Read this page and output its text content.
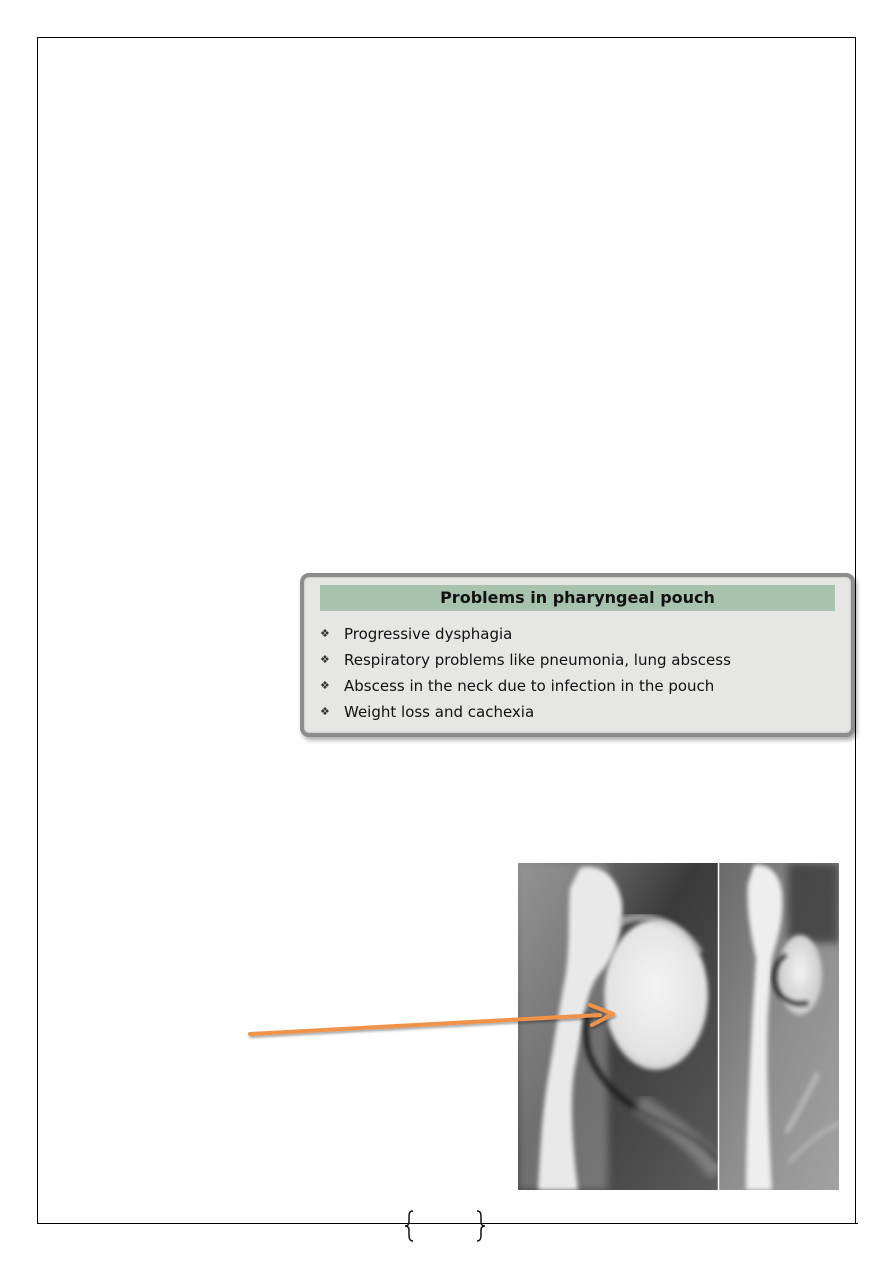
Problems in pharyngeal pouch
❖ Progressive dysphagia
❖ Respiratory problems like pneumonia, lung abscess
❖ Abscess in the neck due to infection in the pouch
❖ Weight loss and cachexia
